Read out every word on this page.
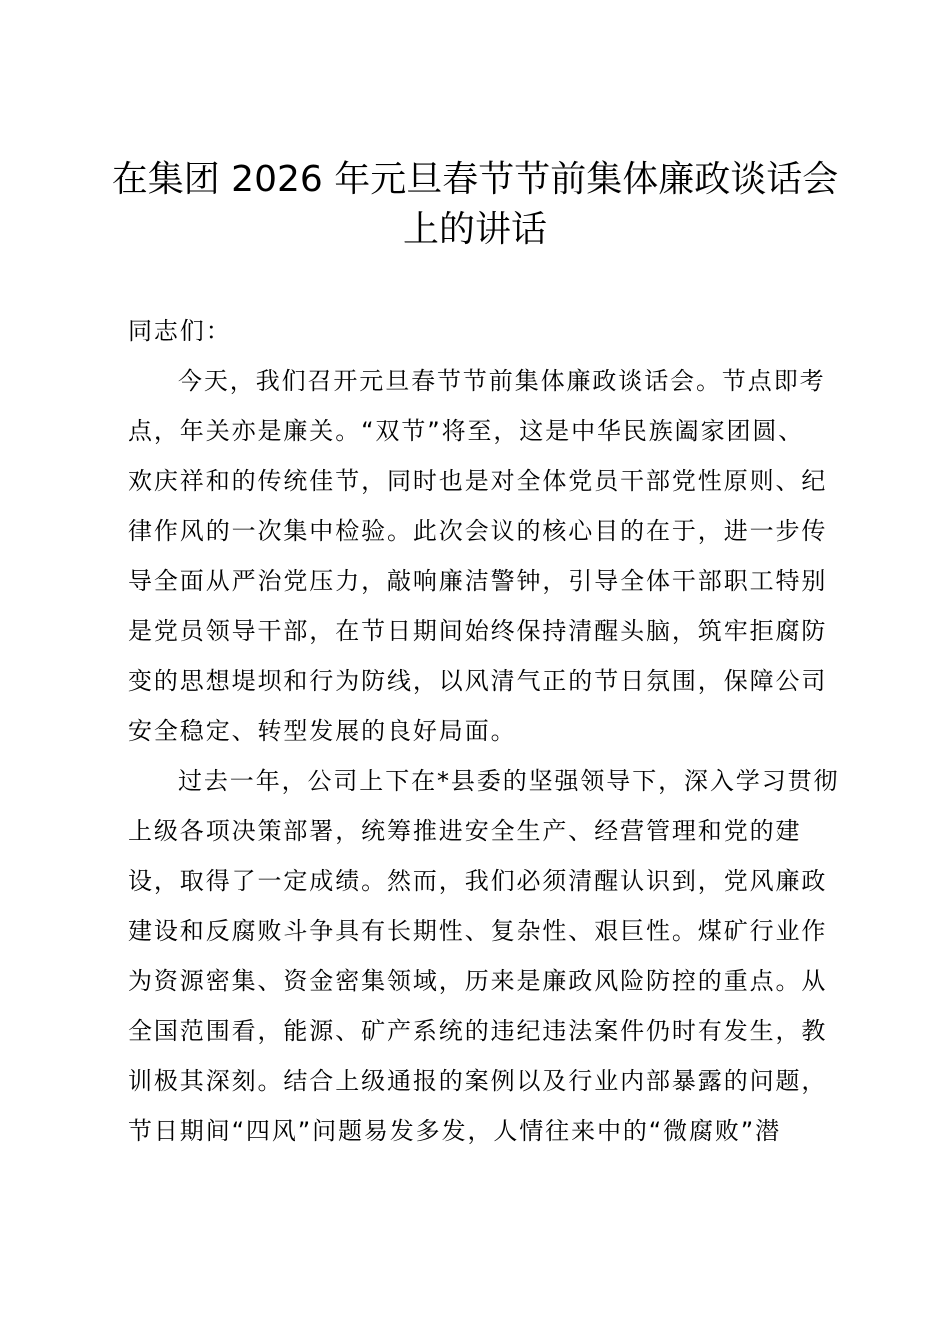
在集团 2026 年元旦春节节前集体廉政谈话会
上的讲话
同志们：
今天，我们召开元旦春节节前集体廉政谈话会。节点即考
点，年关亦是廉关。“双节”将至，这是中华民族阖家团圆、
欢庆祥和的传统佳节，同时也是对全体党员干部党性原则、纪
律作风的一次集中检验。此次会议的核心目的在于，进一步传
导全面从严治党压力，敲响廉洁警钟，引导全体干部职工特别
是党员领导干部，在节日期间始终保持清醒头脑，筑牢拒腐防
变的思想堤坝和行为防线，以风清气正的节日氛围，保障公司
安全稳定、转型发展的良好局面。
过去一年，公司上下在*县委的坚强领导下，深入学习贯彻
上级各项决策部署，统筹推进安全生产、经营管理和党的建
设，取得了一定成绩。然而，我们必须清醒认识到，党风廉政
建设和反腐败斗争具有长期性、复杂性、艰巨性。煤矿行业作
为资源密集、资金密集领域，历来是廉政风险防控的重点。从
全国范围看，能源、矿产系统的违纪违法案件仍时有发生，教
训极其深刻。结合上级通报的案例以及行业内部暴露的问题，
节日期间“四风”问题易发多发，人情往来中的“微腐败”潜
